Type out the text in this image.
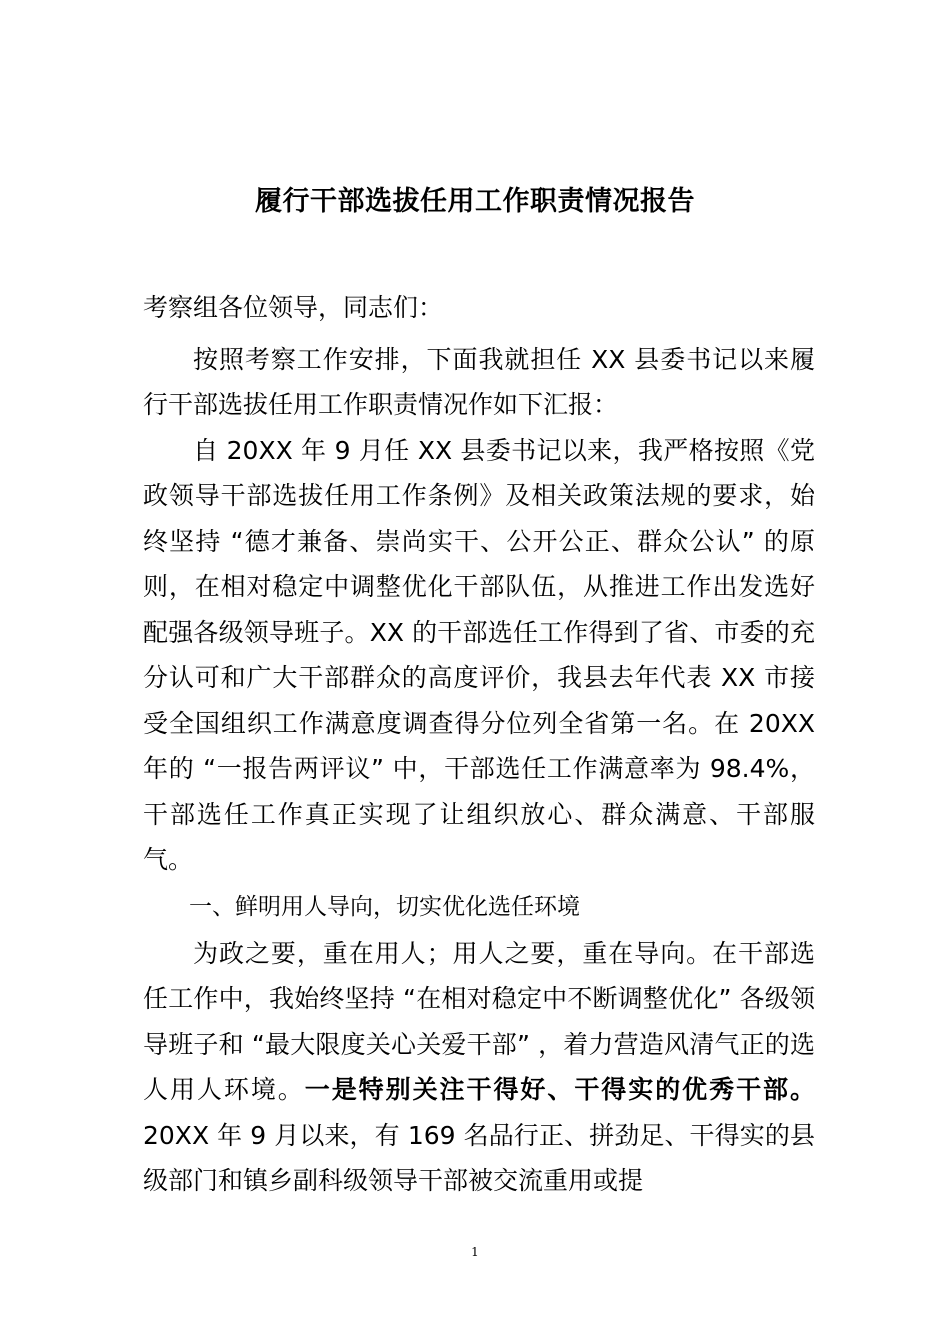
履行干部选拔任用工作职责情况报告

考察组各位领导，同志们：

按照考察工作安排，下面我就担任 XX 县委书记以来履行干部选拔任用工作职责情况作如下汇报：

自 20XX 年 9 月任 XX 县委书记以来，我严格按照《党政领导干部选拔任用工作条例》及相关政策法规的要求，始终坚持 “德才兼备、崇尚实干、公开公正、群众公认” 的原则，在相对稳定中调整优化干部队伍，从推进工作出发选好配强各级领导班子。XX 的干部选任工作得到了省、市委的充分认可和广大干部群众的高度评价，我县去年代表 XX 市接受全国组织工作满意度调查得分位列全省第一名。在 20XX 年的 “一报告两评议” 中，干部选任工作满意率为 98.4%，干部选任工作真正实现了让组织放心、群众满意、干部服气。

一、鲜明用人导向，切实优化选任环境

为政之要，重在用人；用人之要，重在导向。在干部选任工作中，我始终坚持 “在相对稳定中不断调整优化” 各级领导班子和 “最大限度关心关爱干部” ，着力营造风清气正的选人用人环境。一是特别关注干得好、干得实的优秀干部。20XX 年 9 月以来，有 169 名品行正、拼劲足、干得实的县级部门和镇乡副科级领导干部被交流重用或提

1
